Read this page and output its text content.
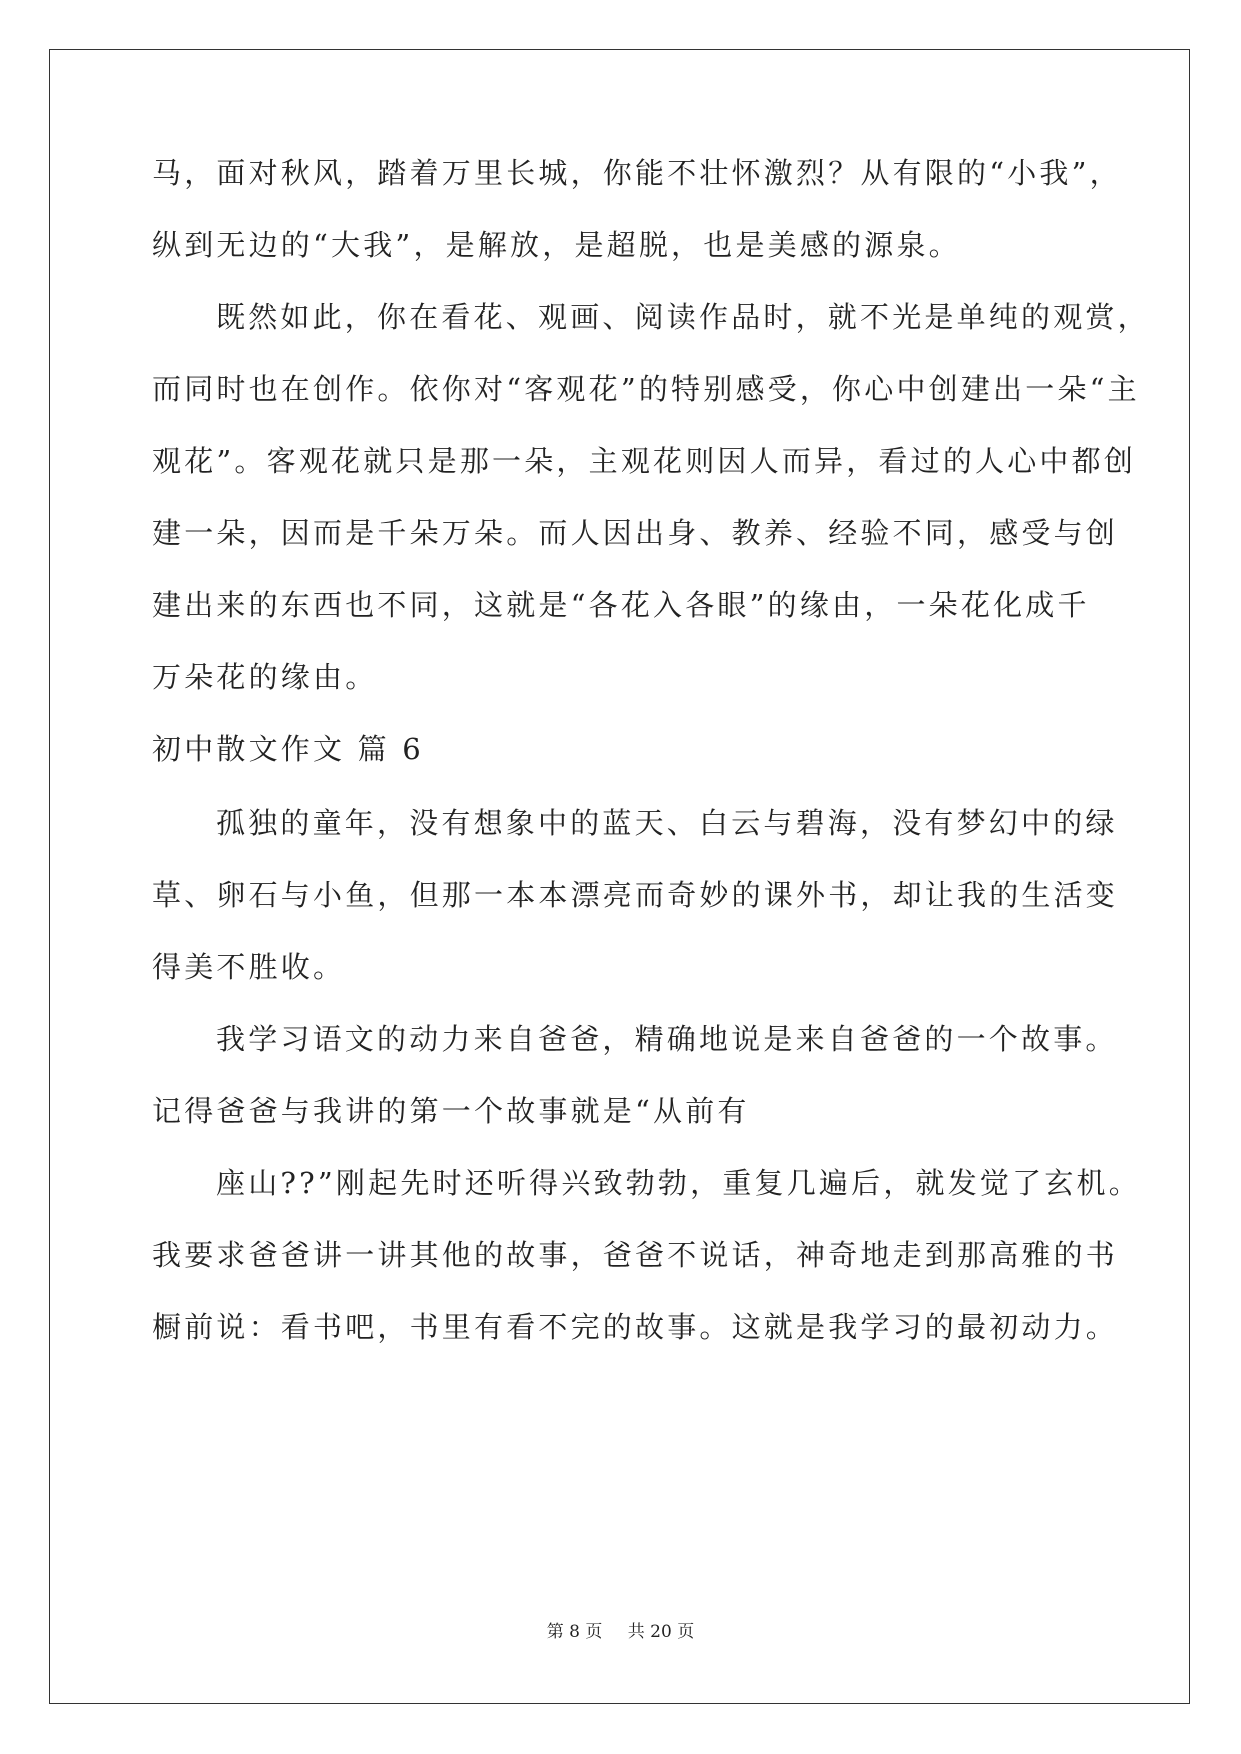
马，面对秋风，踏着万里长城，你能不壮怀激烈？从有限的“小我”，
纵到无边的“大我”，是解放，是超脱，也是美感的源泉。
既然如此，你在看花、观画、阅读作品时，就不光是单纯的观赏，
而同时也在创作。依你对“客观花”的特别感受，你心中创建出一朵“主
观花”。客观花就只是那一朵，主观花则因人而异，看过的人心中都创
建一朵，因而是千朵万朵。而人因出身、教养、经验不同，感受与创
建出来的东西也不同，这就是“各花入各眼”的缘由，一朵花化成千
万朵花的缘由。
初中散文作文 篇 6
孤独的童年，没有想象中的蓝天、白云与碧海，没有梦幻中的绿
草、卵石与小鱼，但那一本本漂亮而奇妙的课外书，却让我的生活变
得美不胜收。
我学习语文的动力来自爸爸，精确地说是来自爸爸的一个故事。
记得爸爸与我讲的第一个故事就是“从前有
座山??”刚起先时还听得兴致勃勃，重复几遍后，就发觉了玄机。
我要求爸爸讲一讲其他的故事，爸爸不说话，神奇地走到那高雅的书
橱前说：看书吧，书里有看不完的故事。这就是我学习的最初动力。
第 8 页 共 20 页
